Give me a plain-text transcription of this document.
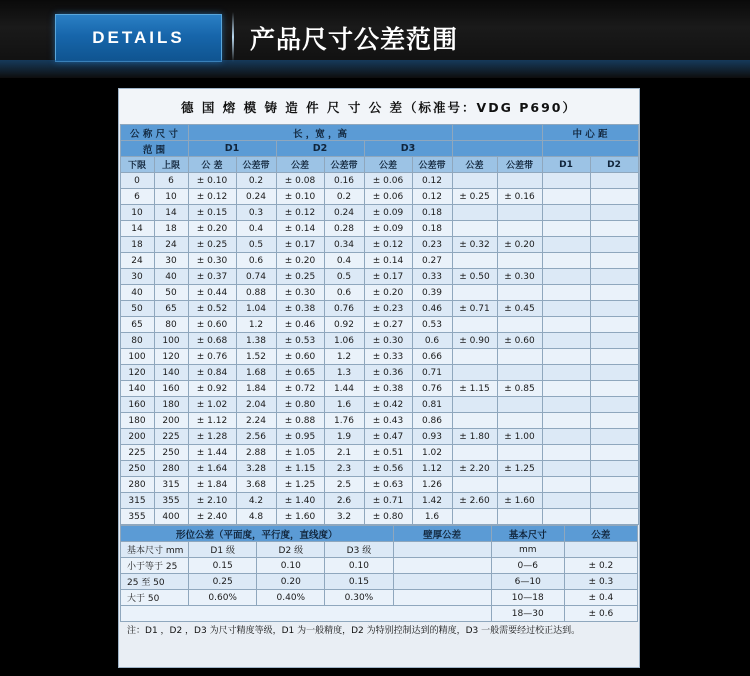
DETAILS	产品尺寸公差范围
德 国 熔 模 铸 造 件 尺 寸 公 差（标准号：VDG P690）
公 称 尺 寸		长 ，宽 ，高								中 心 距	
范 围		D1		D2		D3					
下限	上限	公 差	公差带	公差	公差带	公差	公差带	公差	公差带	D1	D2
0	6	± 0.10	0.2	± 0.08	0.16	± 0.06	0.12				
6	10	± 0.12	0.24	± 0.10	0.2	± 0.06	0.12	± 0.25	± 0.16		
10	14	± 0.15	0.3	± 0.12	0.24	± 0.09	0.18				
14	18	± 0.20	0.4	± 0.14	0.28	± 0.09	0.18				
18	24	± 0.25	0.5	± 0.17	0.34	± 0.12	0.23	± 0.32	± 0.20		
24	30	± 0.30	0.6	± 0.20	0.4	± 0.14	0.27				
30	40	± 0.37	0.74	± 0.25	0.5	± 0.17	0.33	± 0.50	± 0.30		
40	50	± 0.44	0.88	± 0.30	0.6	± 0.20	0.39				
50	65	± 0.52	1.04	± 0.38	0.76	± 0.23	0.46	± 0.71	± 0.45		
65	80	± 0.60	1.2	± 0.46	0.92	± 0.27	0.53				
80	100	± 0.68	1.38	± 0.53	1.06	± 0.30	0.6	± 0.90	± 0.60		
100	120	± 0.76	1.52	± 0.60	1.2	± 0.33	0.66				
120	140	± 0.84	1.68	± 0.65	1.3	± 0.36	0.71				
140	160	± 0.92	1.84	± 0.72	1.44	± 0.38	0.76	± 1.15	± 0.85		
160	180	± 1.02	2.04	± 0.80	1.6	± 0.42	0.81				
180	200	± 1.12	2.24	± 0.88	1.76	± 0.43	0.86				
200	225	± 1.28	2.56	± 0.95	1.9	± 0.47	0.93	± 1.80	± 1.00		
225	250	± 1.44	2.88	± 1.05	2.1	± 0.51	1.02				
250	280	± 1.64	3.28	± 1.15	2.3	± 0.56	1.12	± 2.20	± 1.25		
280	315	± 1.84	3.68	± 1.25	2.5	± 0.63	1.26				
315	355	± 2.10	4.2	± 1.40	2.6	± 0.71	1.42	± 2.60	± 1.60		
355	400	± 2.40	4.8	± 1.60	3.2	± 0.80	1.6				
形位公差（平面度，平行度，直线度）				壁厚公差	基本尺寸	公差
基本尺寸 mm	D1 级	D2 级	D3 级		mm	
小于等于 25	0.15	0.10	0.10		0—6	± 0.2
25 至 50	0.25	0.20	0.15		6—10	± 0.3
大于 50	0.60%	0.40%	0.30%		10—18	± 0.4
					18—30	± 0.6
注：D1 ，D2 ，D3 为尺寸精度等级，D1 为一般精度，D2 为特别控制达到的精度，D3 一般需要经过校正达到。
